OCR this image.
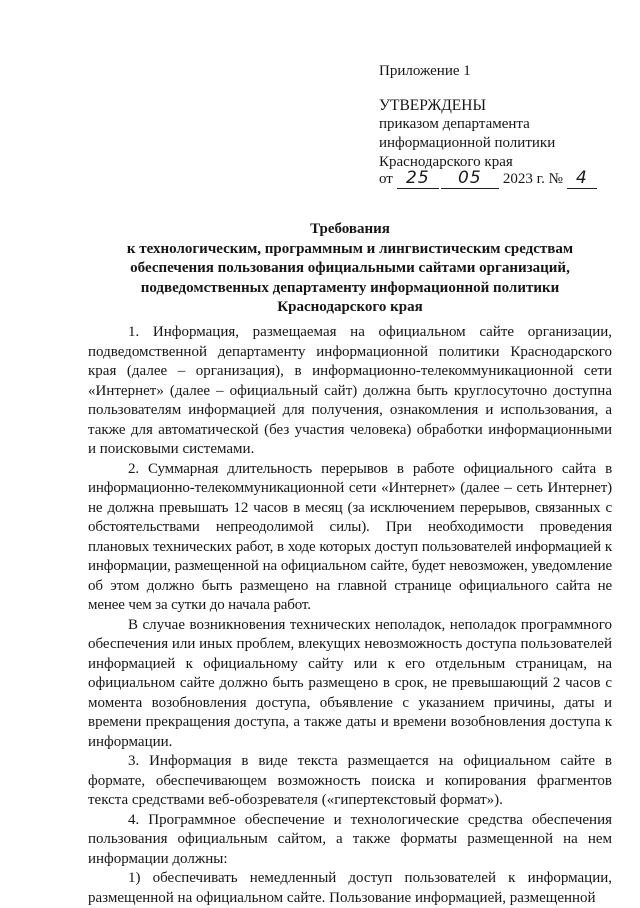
Приложение 1
УТВЕРЖДЕНЫ
приказом департамента
информационной политики
Краснодарского края
от 25 05 2023 г. № 4
Требования
к технологическим, программным и лингвистическим средствам
обеспечения пользования официальными сайтами организаций,
подведомственных департаменту информационной политики
Краснодарского края

1. Информация, размещаемая на официальном сайте организации, подведомственной департаменту информационной политики Краснодарского края (далее – организация), в информационно-телекоммуникационной сети «Интернет» (далее – официальный сайт) должна быть круглосуточно доступна пользователям информацией для получения, ознакомления и использования, а также для автоматической (без участия человека) обработки информационными и поисковыми системами.

2. Суммарная длительность перерывов в работе официального сайта в информационно-телекоммуникационной сети «Интернет» (далее – сеть Интернет) не должна превышать 12 часов в месяц (за исключением перерывов, связанных с обстоятельствами непреодолимой силы). При необходимости проведения плановых технических работ, в ходе которых доступ пользователей информацией к информации, размещенной на официальном сайте, будет невозможен, уведомление об этом должно быть размещено на главной странице официального сайта не менее чем за сутки до начала работ.

В случае возникновения технических неполадок, неполадок программного обеспечения или иных проблем, влекущих невозможность доступа пользователей информацией к официальному сайту или к его отдельным страницам, на официальном сайте должно быть размещено в срок, не превышающий 2 часов с момента возобновления доступа, объявление с указанием причины, даты и времени прекращения доступа, а также даты и времени возобновления доступа к информации.

3. Информация в виде текста размещается на официальном сайте в формате, обеспечивающем возможность поиска и копирования фрагментов текста средствами веб-обозревателя («гипертекстовый формат»).

4. Программное обеспечение и технологические средства обеспечения пользования официальным сайтом, а также форматы размещенной на нем информации должны:

1) обеспечивать немедленный доступ пользователей к информации, размещенной на официальном сайте. Пользование информацией, размещенной
